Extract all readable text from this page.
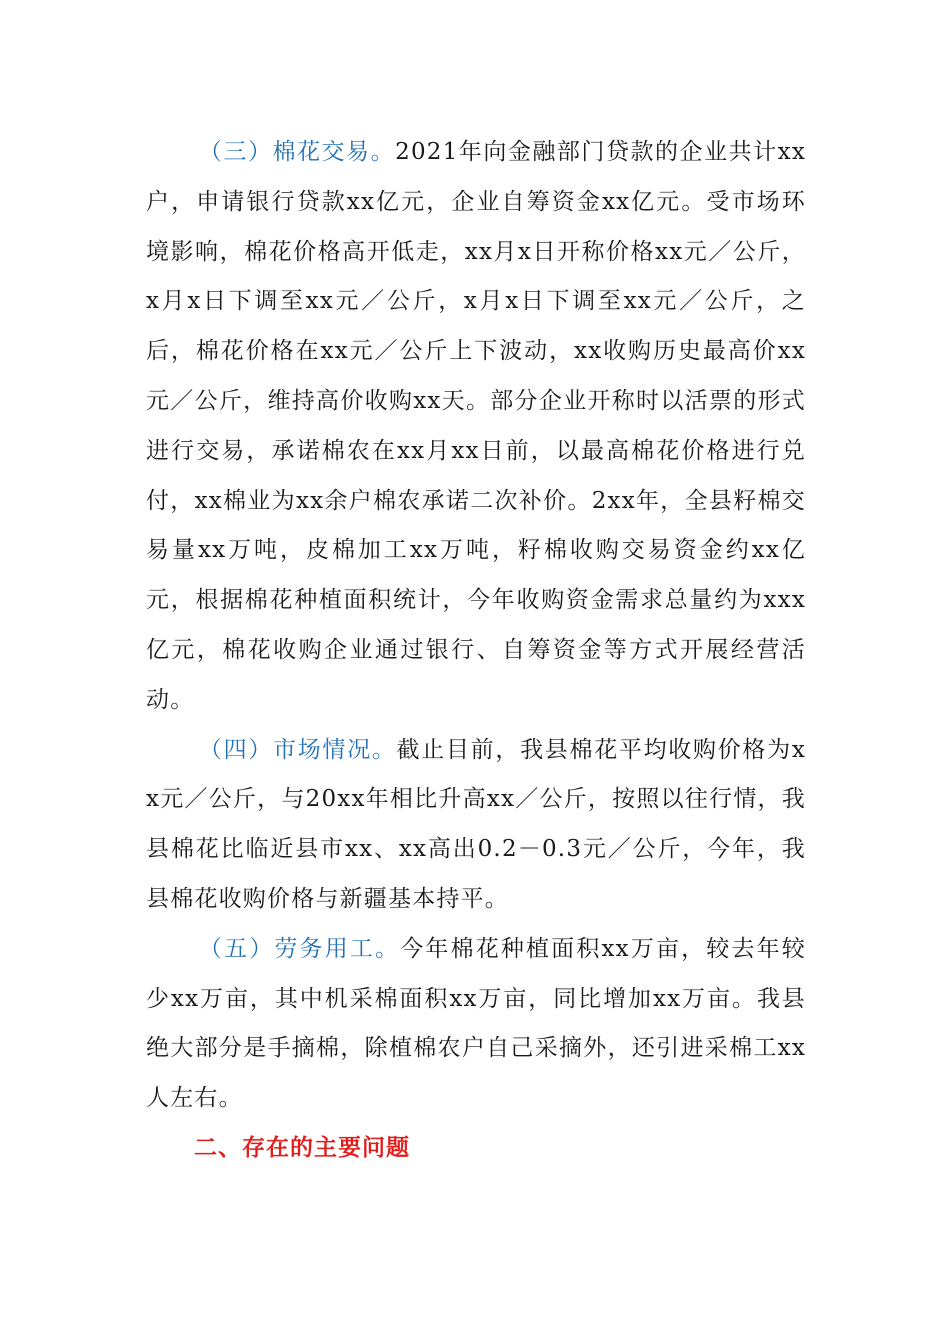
（三）棉花交易。2021年向金融部门贷款的企业共计xx户，申请银行贷款xx亿元，企业自筹资金xx亿元。受市场环境影响，棉花价格高开低走，xx月x日开称价格xx元／公斤，x月x日下调至xx元／公斤，x月x日下调至xx元／公斤，之后，棉花价格在xx元／公斤上下波动，xx收购历史最高价xx元／公斤，维持高价收购xx天。部分企业开称时以活票的形式进行交易，承诺棉农在xx月xx日前，以最高棉花价格进行兑付，xx棉业为xx余户棉农承诺二次补价。2xx年，全县籽棉交易量xx万吨，皮棉加工xx万吨，籽棉收购交易资金约xx亿元，根据棉花种植面积统计，今年收购资金需求总量约为xxx亿元，棉花收购企业通过银行、自筹资金等方式开展经营活动。

（四）市场情况。截止目前，我县棉花平均收购价格为xx元／公斤，与20xx年相比升高xx／公斤，按照以往行情，我县棉花比临近县市xx、xx高出0.2－0.3元／公斤，今年，我县棉花收购价格与新疆基本持平。

（五）劳务用工。今年棉花种植面积xx万亩，较去年较少xx万亩，其中机采棉面积xx万亩，同比增加xx万亩。我县绝大部分是手摘棉，除植棉农户自己采摘外，还引进采棉工xx人左右。

二、存在的主要问题
